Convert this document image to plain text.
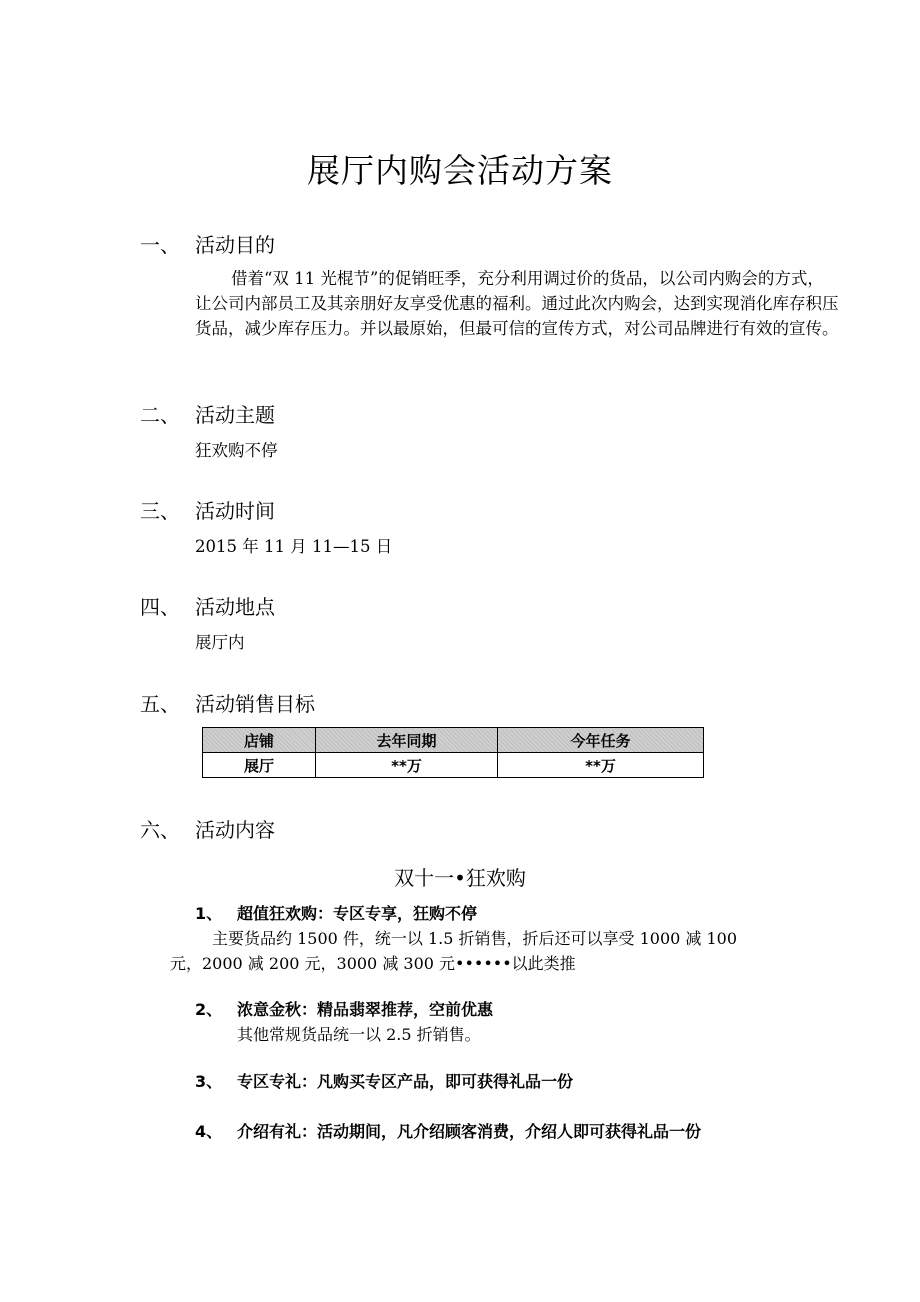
展厅内购会活动方案
一、 活动目的
借着“双 11 光棍节”的促销旺季，充分利用调过价的货品，以公司内购会的方式，让公司内部员工及其亲朋好友享受优惠的福利。通过此次内购会，达到实现消化库存积压货品，减少库存压力。并以最原始，但最可信的宣传方式，对公司品牌进行有效的宣传。
二、 活动主题
狂欢购不停
三、 活动时间
2015 年 11 月 11—15 日
四、 活动地点
展厅内
五、 活动销售目标
店铺	去年同期	今年任务
展厅	**万	**万
六、 活动内容
双十一•狂欢购
1、 超值狂欢购：专区专享，狂购不停
主要货品约 1500 件，统一以 1.5 折销售，折后还可以享受 1000 减 100
元，2000 减 200 元，3000 减 300 元••••••以此类推
2、 浓意金秋：精品翡翠推荐，空前优惠
其他常规货品统一以 2.5 折销售。
3、 专区专礼：凡购买专区产品，即可获得礼品一份
4、 介绍有礼：活动期间，凡介绍顾客消费，介绍人即可获得礼品一份
